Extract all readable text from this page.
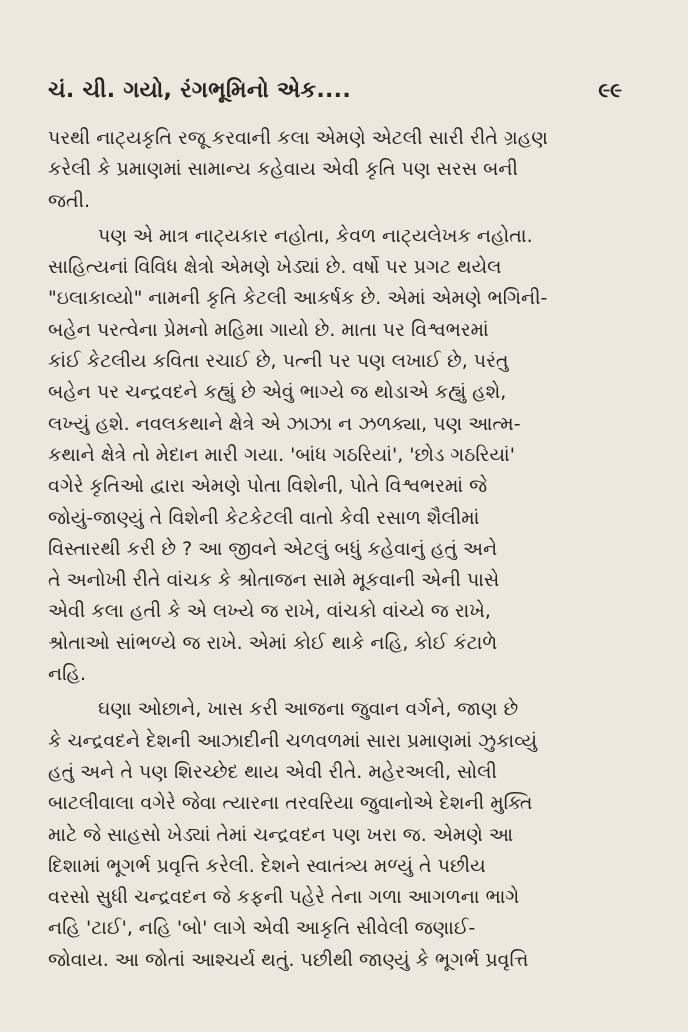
ચં. ચી. ગયો, રંગભૂમિનો એક....	૯૯
પરથી નાટ્યકૃતિ રજૂ કરવાની કલા એમણે એટલી સારી રીતે ગ્રહણ
કરેલી કે પ્રમાણમાં સામાન્ય કહેવાય એવી કૃતિ પણ સરસ બની
જતી.
પણ એ માત્ર નાટ્યકાર નહોતા, કેવળ નાટ્યલેખક નહોતા.
સાહિત્યનાં વિવિધ ક્ષેત્રો એમણે ખેડ્યાં છે. વર્ષો પર પ્રગટ થયેલ
"ઇલાકાવ્યો" નામની કૃતિ કેટલી આકર્ષક છે. એમાં એમણે ભગિની-
બહેન પરત્વેના પ્રેમનો મહિમા ગાયો છે. માતા પર વિશ્વભરમાં
કાંઈ કેટલીય કવિતા રચાઈ છે, પત્ની પર પણ લખાઈ છે, પરંતુ
બહેન પર ચન્દ્રવદને કહ્યું છે એવું ભાગ્યે જ થોડાએ કહ્યું હશે,
લખ્યું હશે. નવલકથાને ક્ષેત્રે એ ઝાઝા ન ઝળક્યા, પણ આત્મ-
કથાને ક્ષેત્રે તો મેદાન મારી ગયા. 'બાંધ ગઠરિયાં', 'છોડ ગઠરિયાં'
વગેરે કૃતિઓ દ્વારા એમણે પોતા વિશેની, પોતે વિશ્વભરમાં જે
જોયું-જાણ્યું તે વિશેની કેટકેટલી વાતો કેવી રસાળ શૈલીમાં
વિસ્તારથી કરી છે ? આ જીવને એટલું બધું કહેવાનું હતું અને
તે અનોખી રીતે વાંચક કે શ્રોતાજન સામે મૂકવાની એની પાસે
એવી કલા હતી કે એ લખ્યે જ રાખે, વાંચકો વાંચ્યે જ રાખે,
શ્રોતાઓ સાંભળ્યે જ રાખે. એમાં કોઈ થાકે નહિ, કોઈ કંટાળે
નહિ.
ઘણા ઓછાને, ખાસ કરી આજના જુવાન વર્ગને, જાણ છે
કે ચન્દ્રવદને દેશની આઝાદીની ચળવળમાં સારા પ્રમાણમાં ઝુકાવ્યું
હતું અને તે પણ શિરચ્છેદ થાય એવી રીતે. મહેરઅલી, સોલી
બાટલીવાલા વગેરે જેવા ત્યારના તરવરિયા જુવાનોએ દેશની મુક્તિ
માટે જે સાહસો ખેડ્યાં તેમાં ચન્દ્રવદન પણ ખરા જ. એમણે આ
દિશામાં ભૂગર્ભ પ્રવૃત્તિ કરેલી. દેશને સ્વાતંત્ર્ય મળ્યું તે પછીય
વરસો સુધી ચન્દ્રવદન જે કફની પહેરે તેના ગળા આગળના ભાગે
નહિ 'ટાઈ', નહિ 'બો' લાગે એવી આકૃતિ સીવેલી જણાઈ-
જોવાય. આ જોતાં આશ્ચર્ય થતું. પછીથી જાણ્યું કે ભૂગર્ભ પ્રવૃત્તિ
